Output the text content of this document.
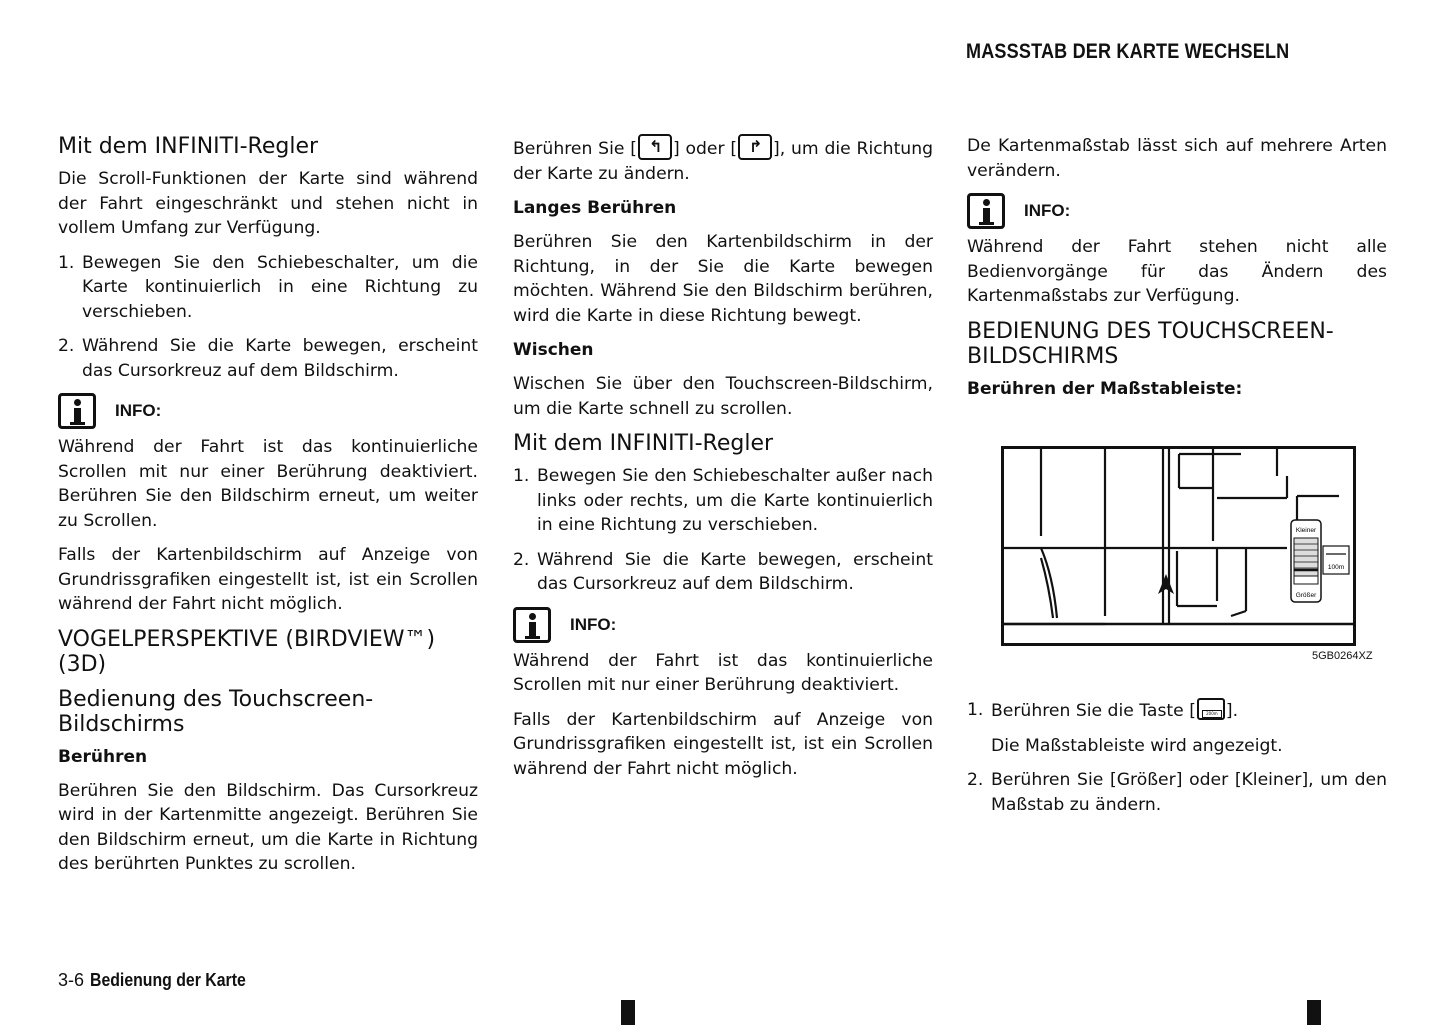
MASSSTAB DER KARTE WECHSELN
Mit dem INFINITI-Regler

Die Scroll-Funktionen der Karte sind während der Fahrt eingeschränkt und stehen nicht in vollem Umfang zur Verfügung.

1. Bewegen Sie den Schiebeschalter, um die Karte kontinuierlich in eine Richtung zu verschieben.
2. Während Sie die Karte bewegen, erscheint das Cursorkreuz auf dem Bildschirm.
INFO:

Während der Fahrt ist das kontinuierliche Scrollen mit nur einer Berührung deaktiviert. Berühren Sie den Bildschirm erneut, um weiter zu Scrollen.

Falls der Kartenbildschirm auf Anzeige von Grundrissgrafiken eingestellt ist, ist ein Scrollen während der Fahrt nicht möglich.

VOGELPERSPEKTIVE (BIRDVIEW™) (3D)
Bedienung des Touchscreen-Bildschirms
Berühren

Berühren Sie den Bildschirm. Das Cursorkreuz wird in der Kartenmitte angezeigt. Berühren Sie den Bildschirm erneut, um die Karte in Richtung des berührten Punktes zu scrollen.

Berühren Sie [ ↰ ] oder [ ↱ ], um die Richtung der Karte zu ändern.

Langes Berühren

Berühren Sie den Kartenbildschirm in der Richtung, in der Sie die Karte bewegen möchten. Während Sie den Bildschirm berühren, wird die Karte in diese Richtung bewegt.

Wischen

Wischen Sie über den Touchscreen-Bildschirm, um die Karte schnell zu scrollen.

Mit dem INFINITI-Regler
1. Bewegen Sie den Schiebeschalter außer nach links oder rechts, um die Karte kontinuierlich in eine Richtung zu verschieben.
2. Während Sie die Karte bewegen, erscheint das Cursorkreuz auf dem Bildschirm.
INFO:

Während der Fahrt ist das kontinuierliche Scrollen mit nur einer Berührung deaktiviert.

Falls der Kartenbildschirm auf Anzeige von Grundrissgrafiken eingestellt ist, ist ein Scrollen während der Fahrt nicht möglich.

De Kartenmaßstab lässt sich auf mehrere Arten verändern.

INFO:

Während der Fahrt stehen nicht alle Bedienvorgänge für das Ändern des Kartenmaßstabs zur Verfügung.

BEDIENUNG DES TOUCHSCREEN-BILDSCHIRMS
Berühren der Maßstableiste:
Kleiner
Größer
100m
5GB0264XZ
1. Berühren Sie die Taste [	200m ].

Die Maßstableiste wird angezeigt.

2. Berühren Sie [Größer] oder [Kleiner], um den Maßstab zu ändern.
3-6 Bedienung der Karte
